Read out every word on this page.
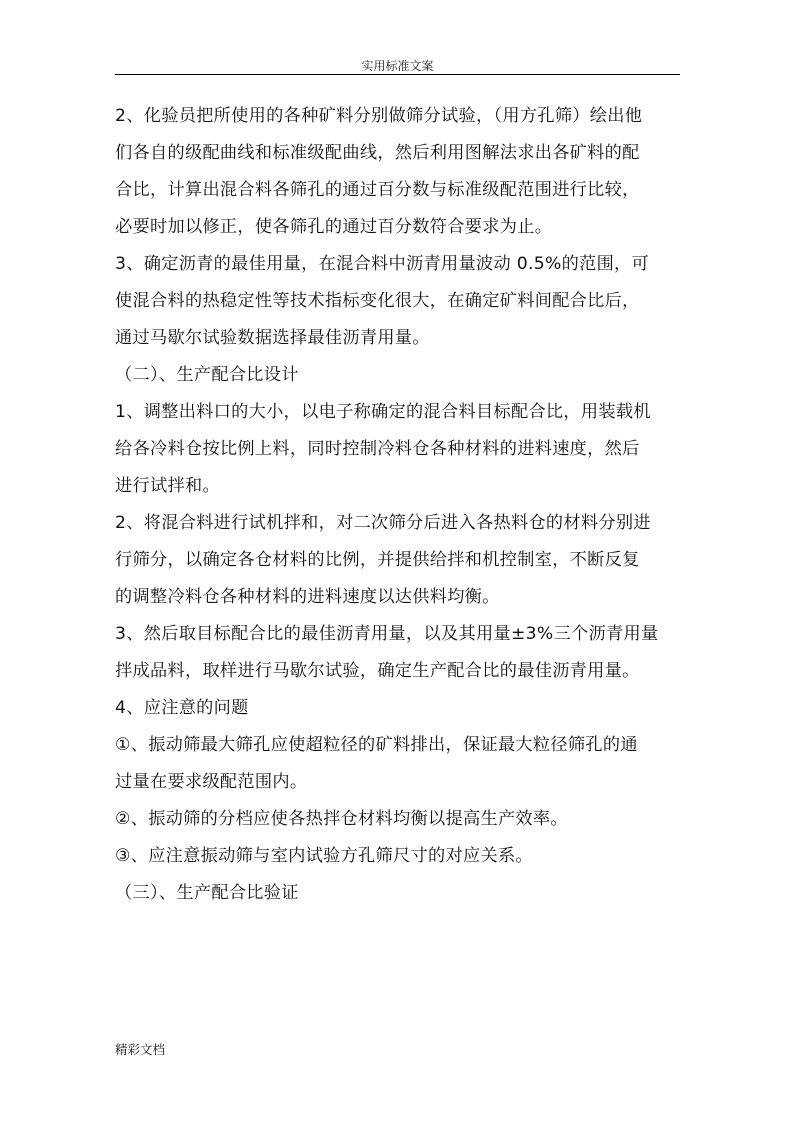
实用标准文案
2、化验员把所使用的各种矿料分别做筛分试验，（用方孔筛）绘出他
们各自的级配曲线和标准级配曲线，然后利用图解法求出各矿料的配
合比，计算出混合料各筛孔的通过百分数与标准级配范围进行比较，
必要时加以修正，使各筛孔的通过百分数符合要求为止。
3、确定沥青的最佳用量，在混合料中沥青用量波动 0.5%的范围，可
使混合料的热稳定性等技术指标变化很大，在确定矿料间配合比后，
通过马歇尔试验数据选择最佳沥青用量。
（二）、生产配合比设计
1、调整出料口的大小，以电子称确定的混合料目标配合比，用装载机
给各冷料仓按比例上料，同时控制冷料仓各种材料的进料速度，然后
进行试拌和。
2、将混合料进行试机拌和，对二次筛分后进入各热料仓的材料分别进
行筛分，以确定各仓材料的比例，并提供给拌和机控制室，不断反复
的调整冷料仓各种材料的进料速度以达供料均衡。
3、然后取目标配合比的最佳沥青用量，以及其用量±3%三个沥青用量
拌成品料，取样进行马歇尔试验，确定生产配合比的最佳沥青用量。
4、应注意的问题
①、振动筛最大筛孔应使超粒径的矿料排出，保证最大粒径筛孔的通
过量在要求级配范围内。
②、振动筛的分档应使各热拌仓材料均衡以提高生产效率。
③、应注意振动筛与室内试验方孔筛尺寸的对应关系。
（三）、生产配合比验证
精彩文档
